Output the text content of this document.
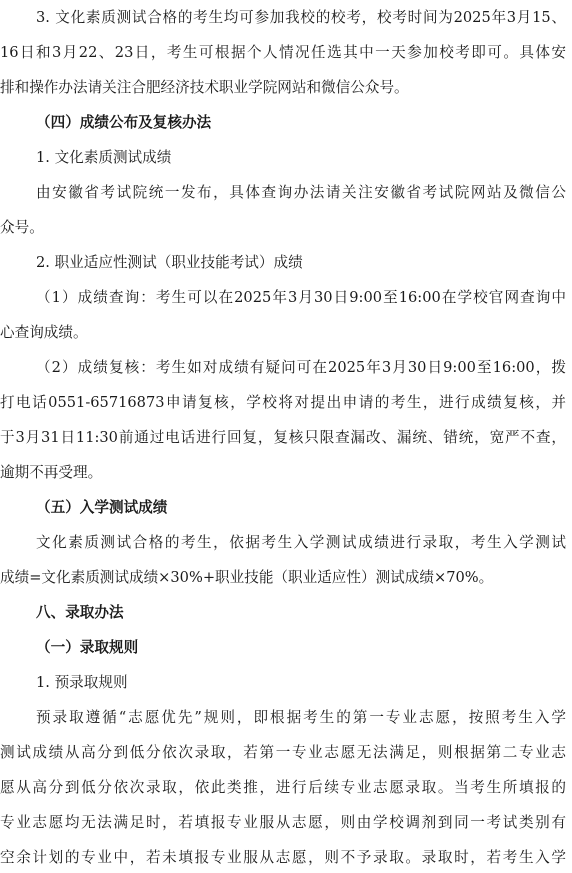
3. 文化素质测试合格的考生均可参加我校的校考，校考时间为2025年3月15、
16日和3月22、23日，考生可根据个人情况任选其中一天参加校考即可。具体安
排和操作办法请关注合肥经济技术职业学院网站和微信公众号。
（四）成绩公布及复核办法
1. 文化素质测试成绩
由安徽省考试院统一发布，具体查询办法请关注安徽省考试院网站及微信公
众号。
2. 职业适应性测试（职业技能考试）成绩
（1）成绩查询：考生可以在2025年3月30日9:00至16:00在学校官网查询中
心查询成绩。
（2）成绩复核：考生如对成绩有疑问可在2025年3月30日9:00至16:00，拨
打电话0551-65716873申请复核，学校将对提出申请的考生，进行成绩复核，并
于3月31日11:30前通过电话进行回复，复核只限查漏改、漏统、错统，宽严不查，
逾期不再受理。
（五）入学测试成绩
文化素质测试合格的考生，依据考生入学测试成绩进行录取，考生入学测试
成绩=文化素质测试成绩×30%+职业技能（职业适应性）测试成绩×70%。
八、录取办法
（一）录取规则
1. 预录取规则
预录取遵循“志愿优先”规则，即根据考生的第一专业志愿，按照考生入学
测试成绩从高分到低分依次录取，若第一专业志愿无法满足，则根据第二专业志
愿从高分到低分依次录取，依此类推，进行后续专业志愿录取。当考生所填报的
专业志愿均无法满足时，若填报专业服从志愿，则由学校调剂到同一考试类别有
空余计划的专业中，若未填报专业服从志愿，则不予录取。录取时，若考生入学
